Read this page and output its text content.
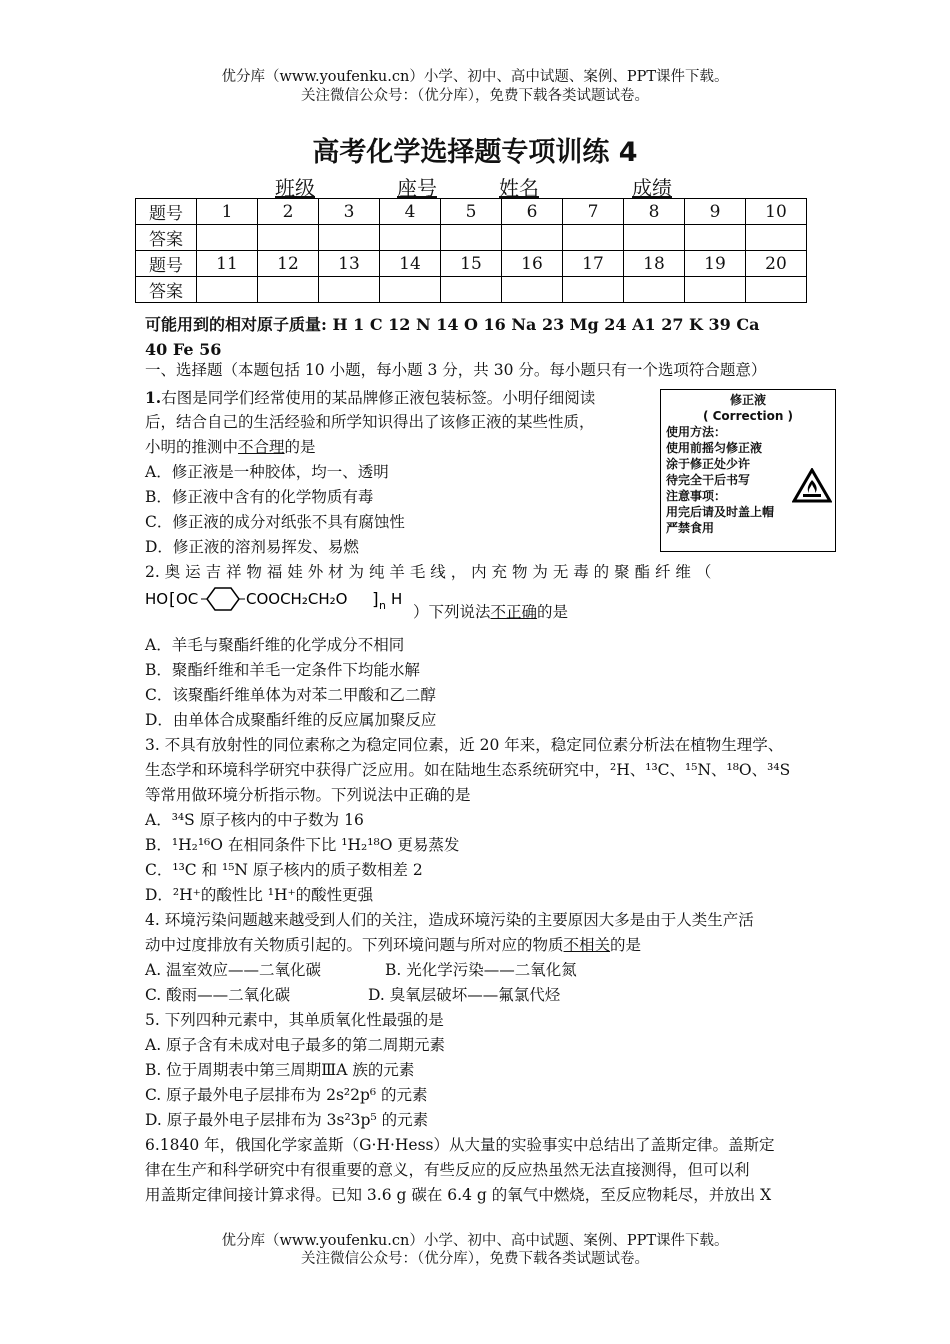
优分库（www.youfenku.cn）小学、初中、高中试题、案例、PPT课件下载。
关注微信公众号：（优分库），免费下载各类试题试卷。
高考化学选择题专项训练 4
班级	座号	姓名	成绩
题号	1	2	3	4	5	6	7	8	9	10
答案										
题号	11	12	13	14	15	16	17	18	19	20
答案										
可能用到的相对原子质量: H 1 C 12 N 14 O 16 Na 23 Mg 24 A1 27 K 39 Ca
40 Fe 56
一、选择题（本题包括 10 小题，每小题 3 分，共 30 分。每小题只有一个选项符合题意）
修正液
( Correction )
使用方法：
使用前摇匀修正液
涂于修正处少许
待完全干后书写
注意事项：
用完后请及时盖上帽
严禁食用
1.右图是同学们经常使用的某品牌修正液包装标签。小明仔细阅读
后，结合自己的生活经验和所学知识得出了该修正液的某些性质，
小明的推测中不合理的是
A．修正液是一种胶体，均一、透明
B．修正液中含有的化学物质有毒
C．修正液的成分对纸张不具有腐蚀性
D．修正液的溶剂易挥发、易燃
2. 奥 运 吉 祥 物 福 娃 外 材 为 纯 羊 毛 线 ， 内 充 物 为 无 毒 的 聚 酯 纤 维 （
HO [ OC	COOCH₂CH₂O ] n H
）下列说法不正确的是
A．羊毛与聚酯纤维的化学成分不相同
B．聚酯纤维和羊毛一定条件下均能水解
C．该聚酯纤维单体为对苯二甲酸和乙二醇
D．由单体合成聚酯纤维的反应属加聚反应
3. 不具有放射性的同位素称之为稳定同位素，近 20 年来，稳定同位素分析法在植物生理学、
生态学和环境科学研究中获得广泛应用。如在陆地生态系统研究中，²H、¹³C、¹⁵N、¹⁸O、³⁴S
等常用做环境分析指示物。下列说法中正确的是
A．³⁴S 原子核内的中子数为 16
B．¹H₂¹⁶O 在相同条件下比 ¹H₂¹⁸O 更易蒸发
C．¹³C 和 ¹⁵N 原子核内的质子数相差 2
D．²H⁺的酸性比 ¹H⁺的酸性更强
4. 环境污染问题越来越受到人们的关注，造成环境污染的主要原因大多是由于人类生产活
动中过度排放有关物质引起的。下列环境问题与所对应的物质不相关的是
A. 温室效应——二氧化碳	B. 光化学污染——二氧化氮
C. 酸雨——二氧化碳	D. 臭氧层破坏——氟氯代烃
5. 下列四种元素中，其单质氧化性最强的是
A. 原子含有未成对电子最多的第二周期元素
B. 位于周期表中第三周期ⅢA 族的元素
C. 原子最外电子层排布为 2s²2p⁶ 的元素
D. 原子最外电子层排布为 3s²3p⁵ 的元素
6.1840 年，俄国化学家盖斯（G·H·Hess）从大量的实验事实中总结出了盖斯定律。盖斯定
律在生产和科学研究中有很重要的意义，有些反应的反应热虽然无法直接测得，但可以利
用盖斯定律间接计算求得。已知 3.6 g 碳在 6.4 g 的氧气中燃烧，至反应物耗尽，并放出 X
优分库（www.youfenku.cn）小学、初中、高中试题、案例、PPT课件下载。
关注微信公众号：（优分库），免费下载各类试题试卷。
